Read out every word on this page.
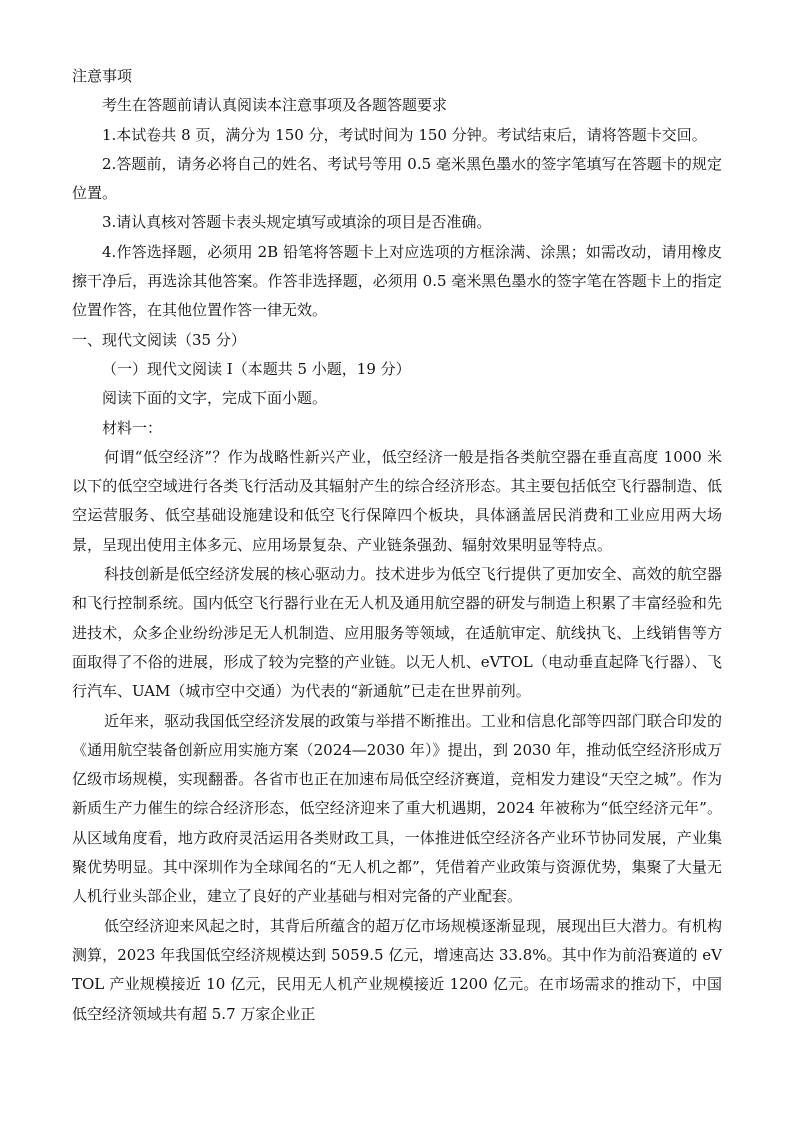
注意事项

考生在答题前请认真阅读本注意事项及各题答题要求

1.本试卷共 8 页，满分为 150 分，考试时间为 150 分钟。考试结束后，请将答题卡交回。

2.答题前，请务必将自己的姓名、考试号等用 0.5 毫米黑色墨水的签字笔填写在答题卡的规定位置。

3.请认真核对答题卡表头规定填写或填涂的项目是否准确。

4.作答选择题，必须用 2B 铅笔将答题卡上对应选项的方框涂满、涂黑；如需改动，请用橡皮擦干净后，再选涂其他答案。作答非选择题，必须用 0.5 毫米黑色墨水的签字笔在答题卡上的指定位置作答，在其他位置作答一律无效。

一、现代文阅读（35 分）

（一）现代文阅读 I（本题共 5 小题，19 分）

阅读下面的文字，完成下面小题。

材料一：

何谓“低空经济”？作为战略性新兴产业，低空经济一般是指各类航空器在垂直高度 1000 米以下的低空空域进行各类飞行活动及其辐射产生的综合经济形态。其主要包括低空飞行器制造、低空运营服务、低空基础设施建设和低空飞行保障四个板块，具体涵盖居民消费和工业应用两大场景，呈现出使用主体多元、应用场景复杂、产业链条强劲、辐射效果明显等特点。

科技创新是低空经济发展的核心驱动力。技术进步为低空飞行提供了更加安全、高效的航空器和飞行控制系统。国内低空飞行器行业在无人机及通用航空器的研发与制造上积累了丰富经验和先进技术，众多企业纷纷涉足无人机制造、应用服务等领域，在适航审定、航线执飞、上线销售等方面取得了不俗的进展，形成了较为完整的产业链。以无人机、eVTOL（电动垂直起降飞行器）、飞行汽车、UAM（城市空中交通）为代表的“新通航”已走在世界前列。

近年来，驱动我国低空经济发展的政策与举措不断推出。工业和信息化部等四部门联合印发的《通用航空装备创新应用实施方案（2024—2030 年）》提出，到 2030 年，推动低空经济形成万亿级市场规模，实现翻番。各省市也正在加速布局低空经济赛道，竞相发力建设“天空之城”。作为新质生产力催生的综合经济形态，低空经济迎来了重大机遇期，2024 年被称为“低空经济元年”。从区域角度看，地方政府灵活运用各类财政工具，一体推进低空经济各产业环节协同发展，产业集聚优势明显。其中深圳作为全球闻名的“无人机之都”，凭借着产业政策与资源优势，集聚了大量无人机行业头部企业，建立了良好的产业基础与相对完备的产业配套。

低空经济迎来风起之时，其背后所蕴含的超万亿市场规模逐渐显现，展现出巨大潜力。有机构测算，2023 年我国低空经济规模达到 5059.5 亿元，增速高达 33.8%。其中作为前沿赛道的 eVTOL 产业规模接近 10 亿元，民用无人机产业规模接近 1200 亿元。在市场需求的推动下，中国低空经济领域共有超 5.7 万家企业正
